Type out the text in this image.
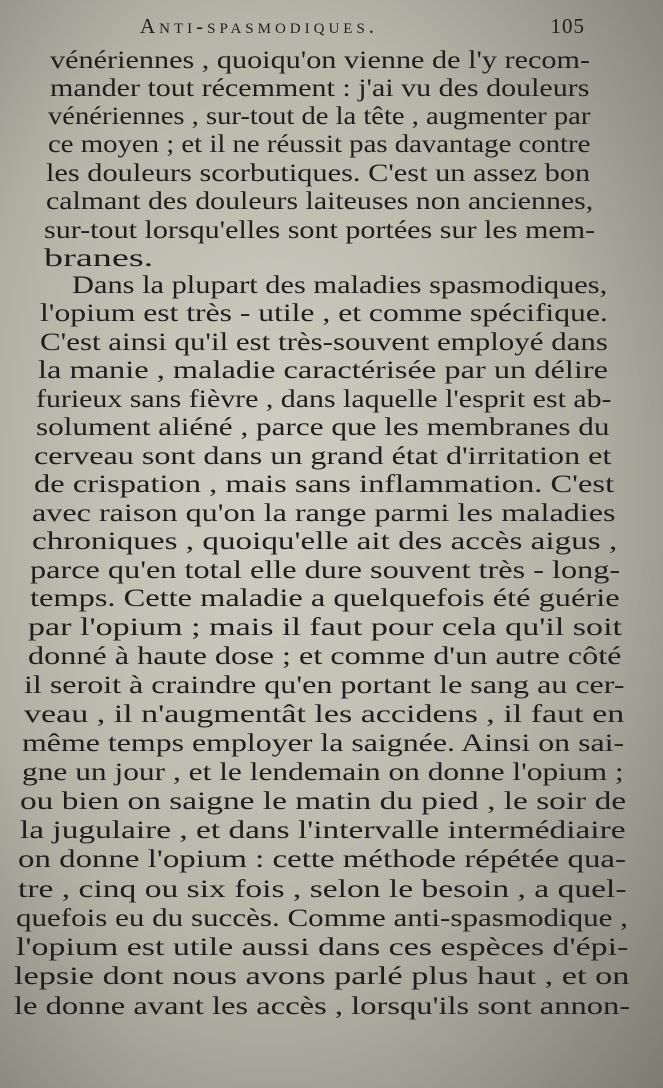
Anti-spasmodiques.	105
vénériennes , quoiqu'on vienne de l'y recom-
mander tout récemment : j'ai vu des douleurs
vénériennes , sur-tout de la tête , augmenter par
ce moyen ; et il ne réussit pas davantage contre
les douleurs scorbutiques. C'est un assez bon
calmant des douleurs laiteuses non anciennes,
sur-tout lorsqu'elles sont portées sur les mem-
branes.
Dans la plupart des maladies spasmodiques,
l'opium est très - utile , et comme spécifique.
C'est ainsi qu'il est très-souvent employé dans
la manie , maladie caractérisée par un délire
furieux sans fièvre , dans laquelle l'esprit est ab-
solument aliéné , parce que les membranes du
cerveau sont dans un grand état d'irritation et
de crispation , mais sans inflammation. C'est
avec raison qu'on la range parmi les maladies
chroniques , quoiqu'elle ait des accès aigus ,
parce qu'en total elle dure souvent très - long-
temps. Cette maladie a quelquefois été guérie
par l'opium ; mais il faut pour cela qu'il soit
donné à haute dose ; et comme d'un autre côté
il seroit à craindre qu'en portant le sang au cer-
veau , il n'augmentât les accidens , il faut en
même temps employer la saignée. Ainsi on sai-
gne un jour , et le lendemain on donne l'opium ;
ou bien on saigne le matin du pied , le soir de
la jugulaire , et dans l'intervalle intermédiaire
on donne l'opium : cette méthode répétée qua-
tre , cinq ou six fois , selon le besoin , a quel-
quefois eu du succès. Comme anti-spasmodique ,
l'opium est utile aussi dans ces espèces d'épi-
lepsie dont nous avons parlé plus haut , et on
le donne avant les accès , lorsqu'ils sont annon-
